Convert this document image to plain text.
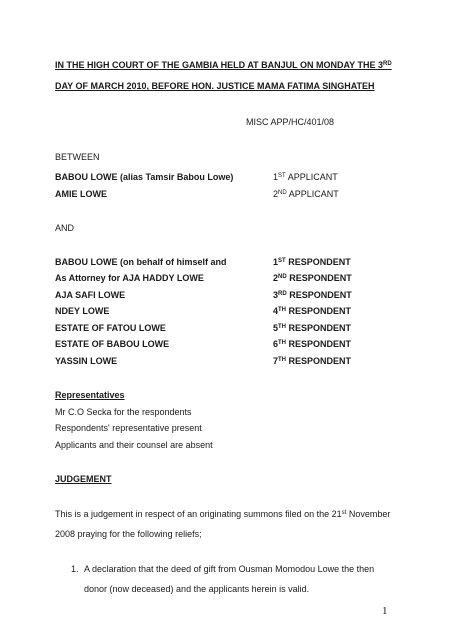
IN THE HIGH COURT OF THE GAMBIA HELD AT BANJUL ON MONDAY THE 3RD
DAY OF MARCH 2010, BEFORE HON. JUSTICE MAMA FATIMA SINGHATEH
MISC APP/HC/401/08
BETWEEN
BABOU LOWE (alias Tamsir Babou Lowe)	1ST APPLICANT
AMIE LOWE	2ND APPLICANT
AND
BABOU LOWE (on behalf of himself and	1ST RESPONDENT
As Attorney for AJA HADDY LOWE	2ND RESPONDENT
AJA SAFI LOWE	3RD RESPONDENT
NDEY LOWE	4TH RESPONDENT
ESTATE OF FATOU LOWE	5TH RESPONDENT
ESTATE OF BABOU LOWE	6TH RESPONDENT
YASSIN LOWE	7TH RESPONDENT
Representatives
Mr C.O Secka for the respondents
Respondents' representative present
Applicants and their counsel are absent
JUDGEMENT
This is a judgement in respect of an originating summons filed on the 21st November
2008 praying for the following reliefs;
1. A declaration that the deed of gift from Ousman Momodou Lowe the then
donor (now deceased) and the applicants herein is valid.
1
